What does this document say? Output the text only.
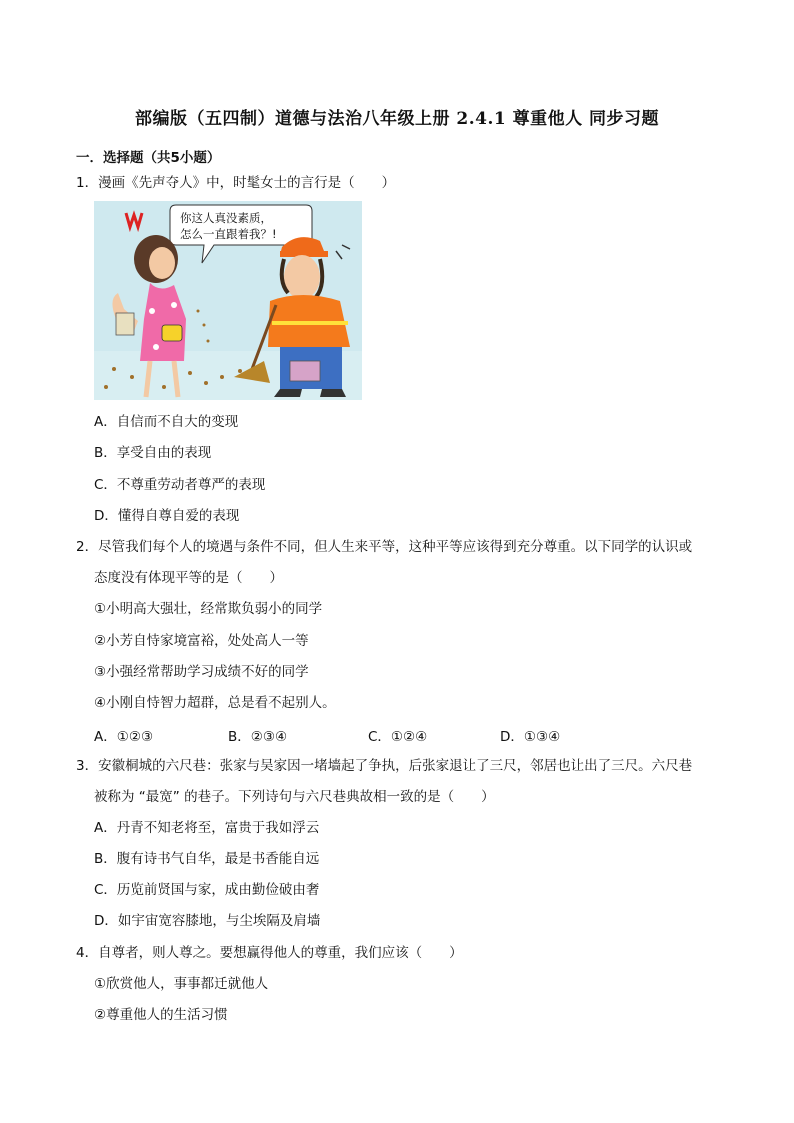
部编版（五四制）道德与法治八年级上册 2.4.1 尊重他人 同步习题
一．选择题（共5小题）
1．漫画《先声夺人》中，时髦女士的言行是（　　）
你这人真没素质，
怎么一直跟着我？!
A．自信而不自大的变现
B．享受自由的表现
C．不尊重劳动者尊严的表现
D．懂得自尊自爱的表现
2．尽管我们每个人的境遇与条件不同，但人生来平等，这种平等应该得到充分尊重。以下同学的认识或
态度没有体现平等的是（　　）
①小明高大强壮，经常欺负弱小的同学
②小芳自恃家境富裕，处处高人一等
③小强经常帮助学习成绩不好的同学
④小刚自恃智力超群，总是看不起别人。
A．①②③	B．②③④	C．①②④	D．①③④
3．安徽桐城的六尺巷：张家与吴家因一堵墙起了争执，后张家退让了三尺，邻居也让出了三尺。六尺巷
被称为 “最宽” 的巷子。下列诗句与六尺巷典故相一致的是（　　）
A．丹青不知老将至，富贵于我如浮云
B．腹有诗书气自华，最是书香能自远
C．历览前贤国与家，成由勤俭破由奢
D．如宇宙宽容膝地，与尘埃隔及肩墙
4．自尊者，则人尊之。要想赢得他人的尊重，我们应该（　　）
①欣赏他人，事事都迁就他人
②尊重他人的生活习惯
